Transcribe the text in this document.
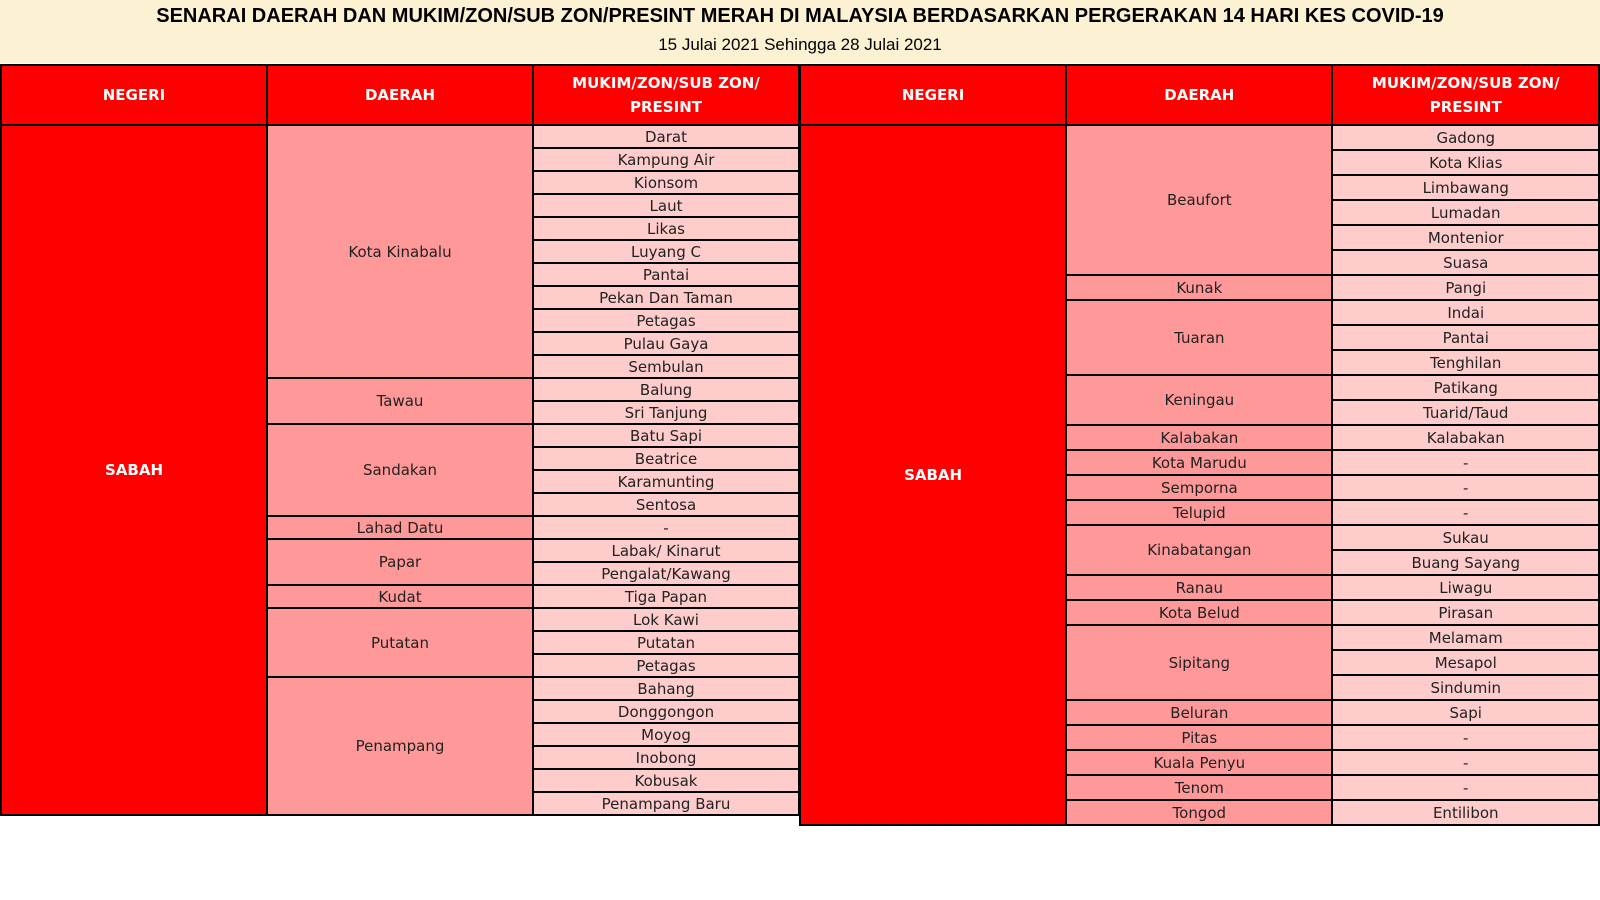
SENARAI DAERAH DAN MUKIM/ZON/SUB ZON/PRESINT MERAH DI MALAYSIA BERDASARKAN PERGERAKAN 14 HARI KES COVID-19
15 Julai 2021 Sehingga 28 Julai 2021
NEGERI	DAERAH	MUKIM/ZON/SUB ZON/ PRESINT
SABAH	Kota Kinabalu	Darat
		Kampung Air
		Kionsom
		Laut
		Likas
		Luyang C
		Pantai
		Pekan Dan Taman
		Petagas
		Pulau Gaya
		Sembulan
	Tawau	Balung
		Sri Tanjung
	Sandakan	Batu Sapi
		Beatrice
		Karamunting
		Sentosa
	Lahad Datu	-
	Papar	Labak/ Kinarut
		Pengalat/Kawang
	Kudat	Tiga Papan
	Putatan	Lok Kawi
		Putatan
		Petagas
	Penampang	Bahang
		Donggongon
		Moyog
		Inobong
		Kobusak
		Penampang Baru
NEGERI	DAERAH	MUKIM/ZON/SUB ZON/ PRESINT
SABAH	Beaufort	Gadong
		Kota Klias
		Limbawang
		Lumadan
		Montenior
		Suasa
	Kunak	Pangi
	Tuaran	Indai
		Pantai
		Tenghilan
	Keningau	Patikang
		Tuarid/Taud
	Kalabakan	Kalabakan
	Kota Marudu	-
	Semporna	-
	Telupid	-
	Kinabatangan	Sukau
		Buang Sayang
	Ranau	Liwagu
	Kota Belud	Pirasan
	Sipitang	Melamam
		Mesapol
		Sindumin
	Beluran	Sapi
	Pitas	-
	Kuala Penyu	-
	Tenom	-
	Tongod	Entilibon
